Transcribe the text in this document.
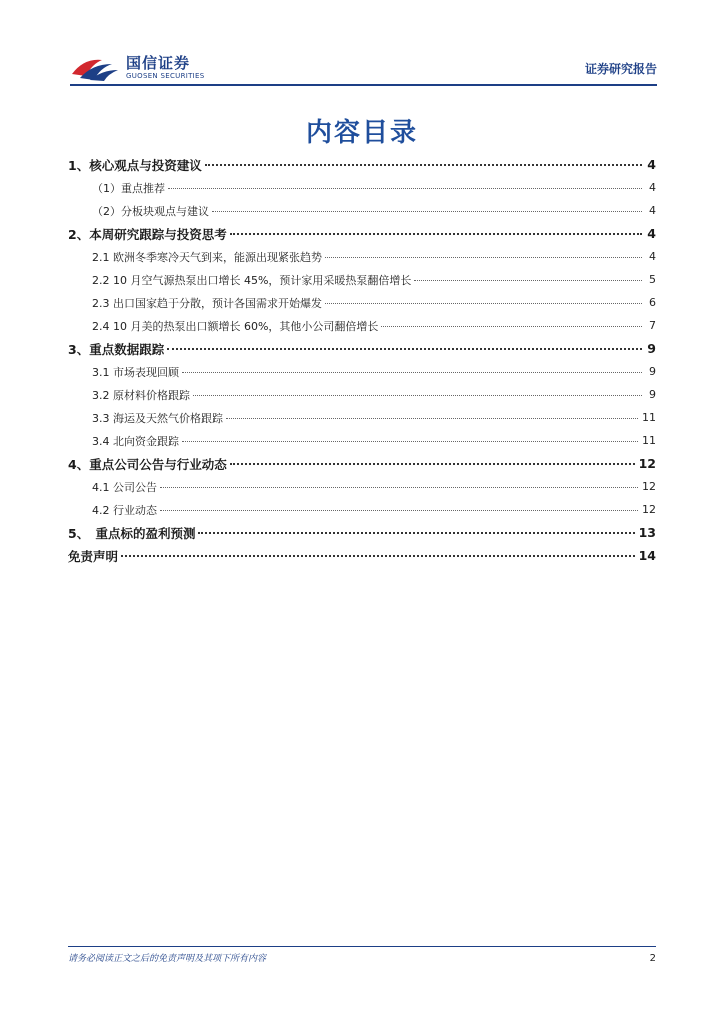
国信证券
GUOSEN SECURITIES	证券研究报告
内容目录
1、核心观点与投资建议	4
（1）重点推荐	4
（2）分板块观点与建议	4
2、本周研究跟踪与投资思考	4
2.1 欧洲冬季寒冷天气到来，能源出现紧张趋势	4
2.2 10 月空气源热泵出口增长 45%，预计家用采暖热泵翻倍增长	5
2.3 出口国家趋于分散，预计各国需求开始爆发	6
2.4 10 月美的热泵出口额增长 60%，其他小公司翻倍增长	7
3、重点数据跟踪	9
3.1 市场表现回顾	9
3.2 原材料价格跟踪	9
3.3 海运及天然气价格跟踪	11
3.4 北向资金跟踪	11
4、重点公司公告与行业动态	12
4.1 公司公告	12
4.2 行业动态	12
5、　重点标的盈利预测	13
免责声明	14
请务必阅读正文之后的免责声明及其项下所有内容	2
